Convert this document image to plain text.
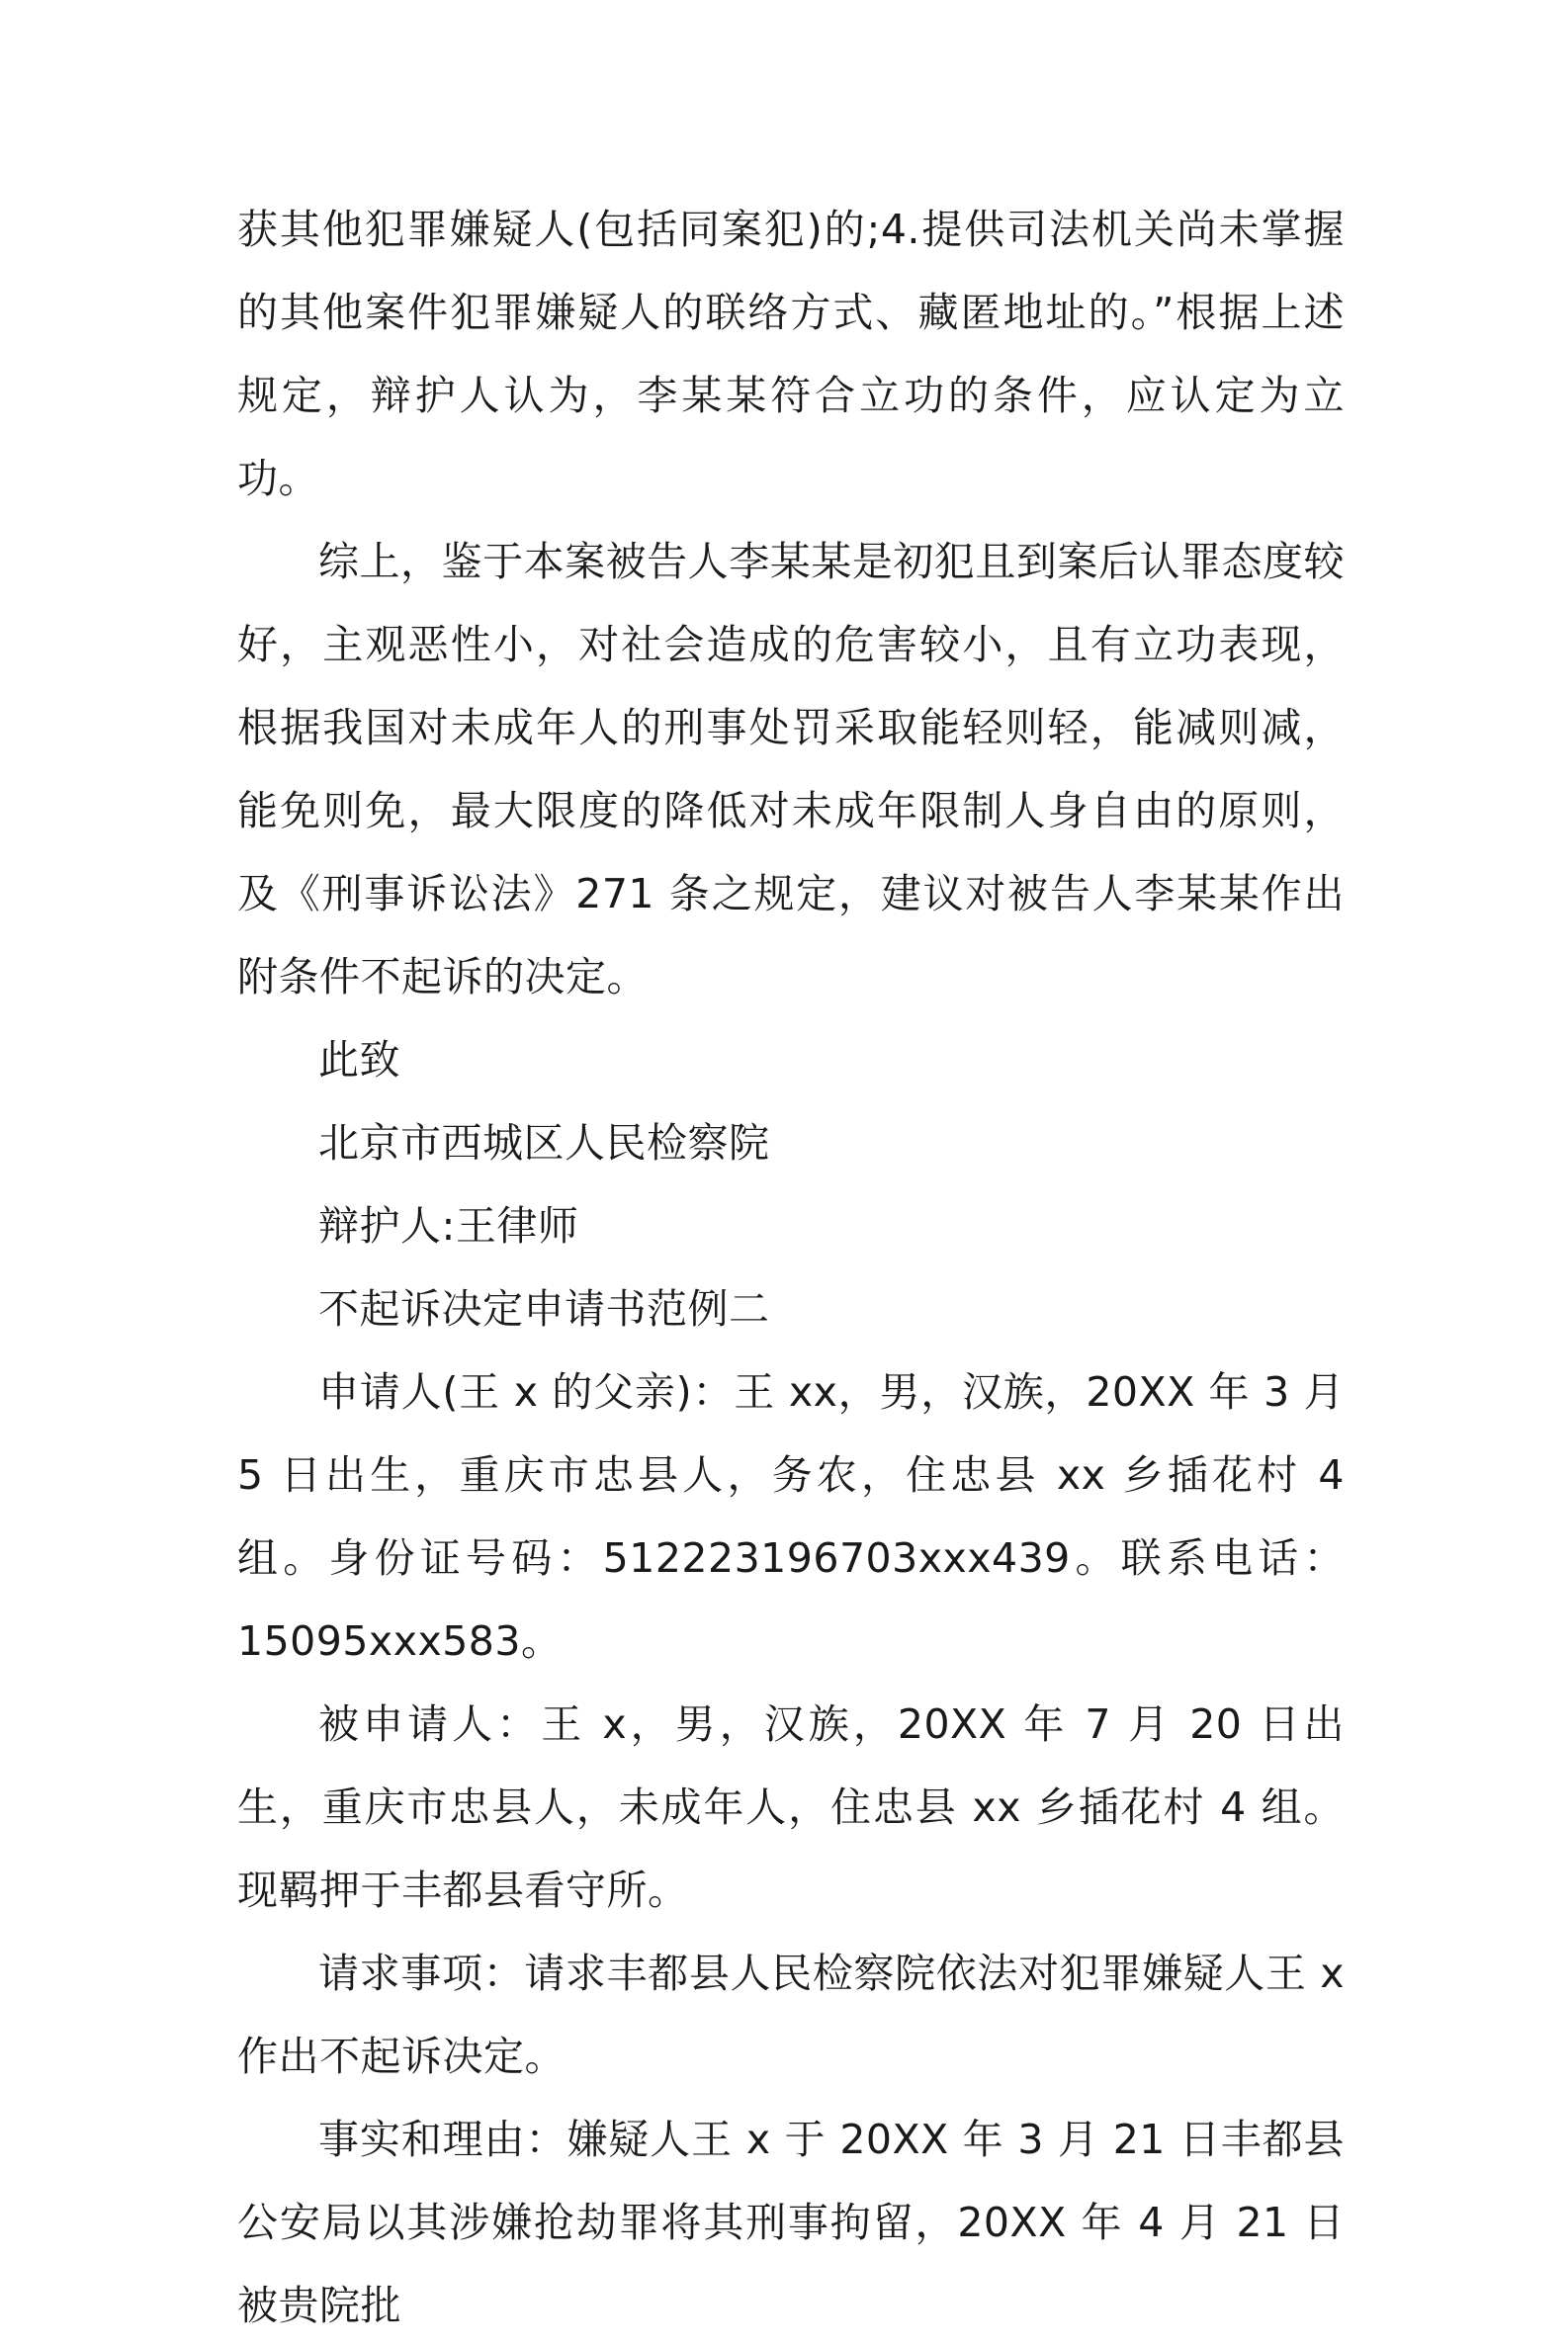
获其他犯罪嫌疑人(包括同案犯)的;4.提供司法机关尚未掌握的其他案件犯罪嫌疑人的联络方式、藏匿地址的。”根据上述规定，辩护人认为，李某某符合立功的条件，应认定为立功。

综上，鉴于本案被告人李某某是初犯且到案后认罪态度较好，主观恶性小，对社会造成的危害较小，且有立功表现，根据我国对未成年人的刑事处罚采取能轻则轻，能减则减，能免则免，最大限度的降低对未成年限制人身自由的原则，及《刑事诉讼法》271 条之规定，建议对被告人李某某作出附条件不起诉的决定。

此致

北京市西城区人民检察院

辩护人:王律师

不起诉决定申请书范例二

申请人(王 x 的父亲)：王 xx，男，汉族，20XX 年 3 月 5 日出生，重庆市忠县人，务农，住忠县 xx 乡插花村 4 组。身份证号码：512223196703xxx439。联系电话：15095xxx583。

被申请人：王 x，男，汉族，20XX 年 7 月 20 日出生，重庆市忠县人，未成年人，住忠县 xx 乡插花村 4 组。现羁押于丰都县看守所。

请求事项：请求丰都县人民检察院依法对犯罪嫌疑人王 x 作出不起诉决定。

事实和理由：嫌疑人王 x 于 20XX 年 3 月 21 日丰都县公安局以其涉嫌抢劫罪将其刑事拘留，20XX 年 4 月 21 日被贵院批
